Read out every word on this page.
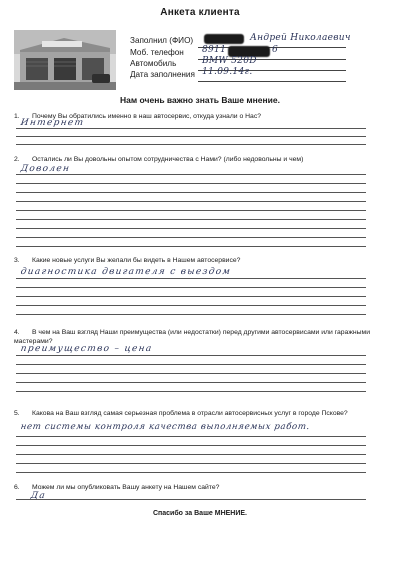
Анкета клиента
Заполнил (ФИО)	Андрей Николаевич
Моб. телефон 8911	6
Автомобиль	BMW 520D
Дата заполнения 11.09.14г.
Нам очень важно знать Ваше мнение.
1. Почему Вы обратились именно в наш автосервис, откуда узнали о Нас?
Интернет
2. Остались ли Вы довольны опытом сотрудничества с Нами? (либо недовольны и чем)
Доволен
3. Какие новые услуги Вы желали бы видеть в Нашем автосервисе?
диагностика двигателя с выездом
4. В чем на Ваш взгляд Наши преимущества (или недостатки) перед другими автосервисами или гаражными мастерами?
преимущество – цена
5. Какова на Ваш взгляд самая серьезная проблема в отрасли автосервисных услуг в городе Пскове?
нет системы контроля качества выполняемых работ.
6. Можем ли мы опубликовать Вашу анкету на Нашем сайте?
Да
Спасибо за Ваше МНЕНИЕ.
